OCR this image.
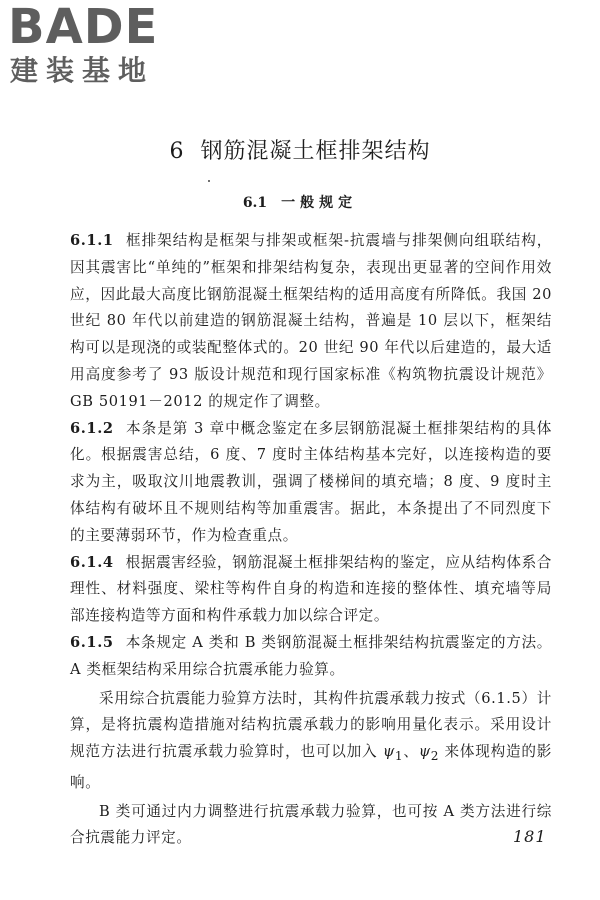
BADE
建装基地
6 钢筋混凝土框排架结构
6.1 一般规定

6.1.1 框排架结构是框架与排架或框架-抗震墙与排架侧向组联结构，因其震害比“单纯的”框架和排架结构复杂，表现出更显著的空间作用效应，因此最大高度比钢筋混凝土框架结构的适用高度有所降低。我国 20 世纪 80 年代以前建造的钢筋混凝土结构，普遍是 10 层以下，框架结构可以是现浇的或装配整体式的。20 世纪 90 年代以后建造的，最大适用高度参考了 93 版设计规范和现行国家标准《构筑物抗震设计规范》GB 50191－2012 的规定作了调整。

6.1.2 本条是第 3 章中概念鉴定在多层钢筋混凝土框排架结构的具体化。根据震害总结，6 度、7 度时主体结构基本完好，以连接构造的要求为主，吸取汶川地震教训，强调了楼梯间的填充墙；8 度、9 度时主体结构有破坏且不规则结构等加重震害。据此，本条提出了不同烈度下的主要薄弱环节，作为检查重点。

6.1.4 根据震害经验，钢筋混凝土框排架结构的鉴定，应从结构体系合理性、材料强度、梁柱等构件自身的构造和连接的整体性、填充墙等局部连接构造等方面和构件承载力加以综合评定。

6.1.5 本条规定 A 类和 B 类钢筋混凝土框排架结构抗震鉴定的方法。A 类框架结构采用综合抗震承能力验算。

采用综合抗震能力验算方法时，其构件抗震承载力按式（6.1.5）计算，是将抗震构造措施对结构抗震承载力的影响用量化表示。采用设计规范方法进行抗震承载力验算时，也可以加入 $\psi_1$、$\psi_2$ 来体现构造的影响。

B 类可通过内力调整进行抗震承载力验算，也可按 A 类方法进行综合抗震能力评定。	181
